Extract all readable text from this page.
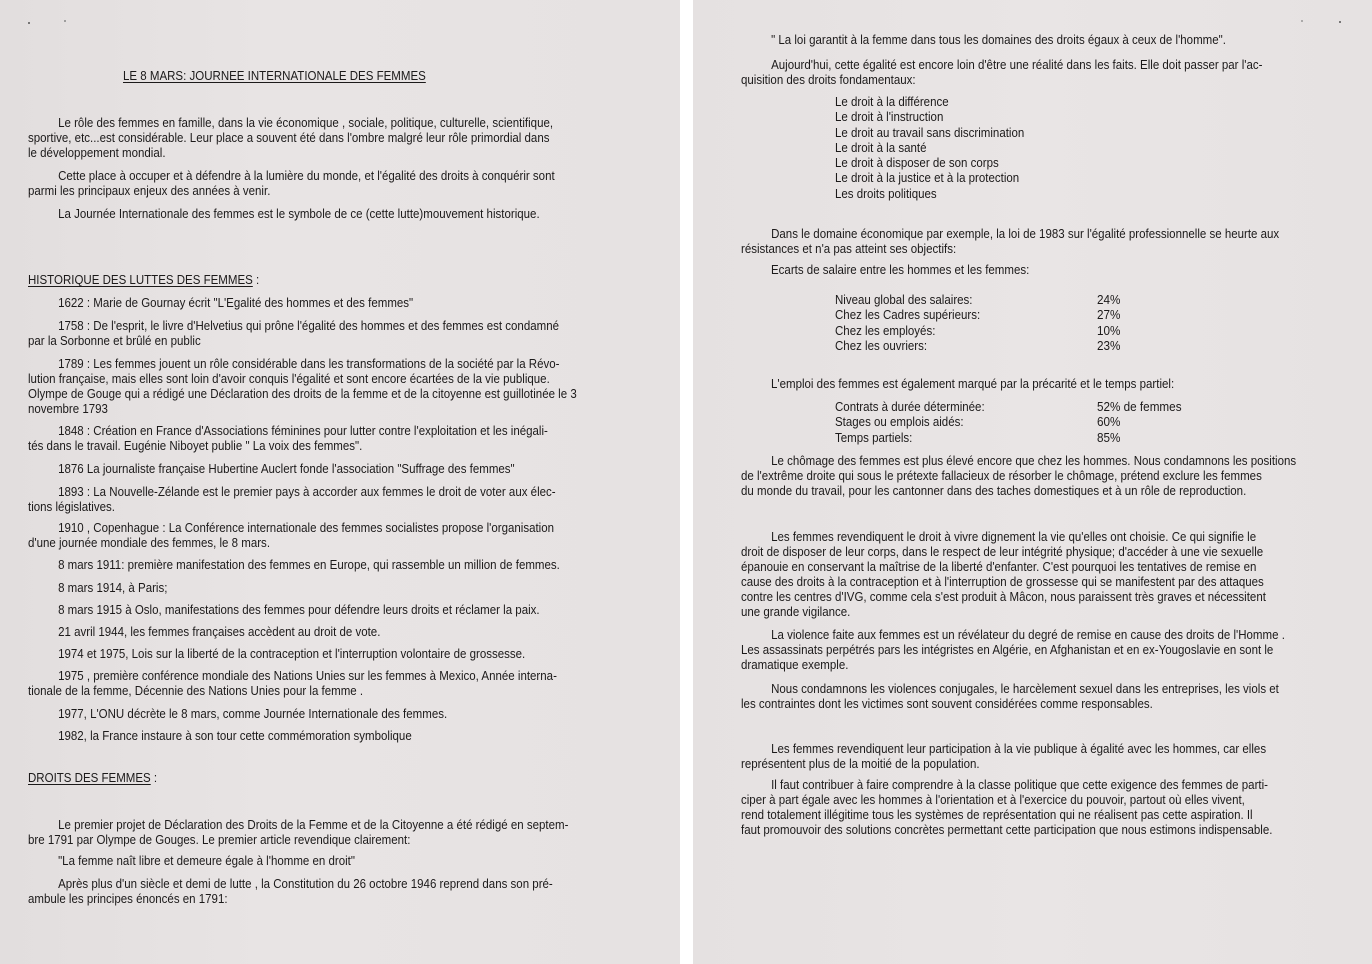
LE 8 MARS: JOURNEE INTERNATIONALE DES FEMMES
Le rôle des femmes en famille, dans la vie économique , sociale, politique, culturelle, scientifique,
sportive, etc...est considérable. Leur place a souvent été dans l'ombre malgré leur rôle primordial dans
le développement mondial.
Cette place à occuper et à défendre à la lumière du monde, et l'égalité des droits à conquérir sont
parmi les principaux enjeux des années à venir.
La Journée Internationale des femmes est le symbole de ce (cette lutte)mouvement historique.
1622 : Marie de Gournay écrit "L'Egalité des hommes et des femmes"
1758 : De l'esprit, le livre d'Helvetius qui prône l'égalité des hommes et des femmes est condamné
par la Sorbonne et brûlé en public
1789 : Les femmes jouent un rôle considérable dans les transformations de la société par la Révo-
lution française, mais elles sont loin d'avoir conquis l'égalité et sont encore écartées de la vie publique.
Olympe de Gouge qui a rédigé une Déclaration des droits de la femme et de la citoyenne est guillotinée le 3
novembre 1793
1848 : Création en France d'Associations féminines pour lutter contre l'exploitation et les inégali-
tés dans le travail. Eugénie Niboyet publie " La voix des femmes".
1876 La journaliste française Hubertine Auclert fonde l'association "Suffrage des femmes"
1893 : La Nouvelle-Zélande est le premier pays à accorder aux femmes le droit de voter aux élec-
tions législatives.
1910 , Copenhague : La Conférence internationale des femmes socialistes propose l'organisation
d'une journée mondiale des femmes, le 8 mars.
8 mars 1911: première manifestation des femmes en Europe, qui rassemble un million de femmes.
8 mars 1914, à Paris;
8 mars 1915 à Oslo, manifestations des femmes pour défendre leurs droits et réclamer la paix.
21 avril 1944, les femmes françaises accèdent au droit de vote.
1974 et 1975, Lois sur la liberté de la contraception et l'interruption volontaire de grossesse.
1975 , première conférence mondiale des Nations Unies sur les femmes à Mexico, Année interna-
tionale de la femme, Décennie des Nations Unies pour la femme .
1977, L'ONU décrète le 8 mars, comme Journée Internationale des femmes.
1982, la France instaure à son tour cette commémoration symbolique
Le premier projet de Déclaration des Droits de la Femme et de la Citoyenne a été rédigé en septem-
bre 1791 par Olympe de Gouges. Le premier article revendique clairement:
"La femme naît libre et demeure égale à l'homme en droit"
Après plus d'un siècle et demi de lutte , la Constitution du 26 octobre 1946 reprend dans son pré-
ambule les principes énoncés en 1791:
HISTORIQUE DES LUTTES DES FEMMES :
DROITS DES FEMMES :
" La loi garantit à la femme dans tous les domaines des droits égaux à ceux de l'homme".
Aujourd'hui, cette égalité est encore loin d'être une réalité dans les faits. Elle doit passer par l'ac-
quisition des droits fondamentaux:
Dans le domaine économique par exemple, la loi de 1983 sur l'égalité professionnelle se heurte aux
résistances et n'a pas atteint ses objectifs:
Le chômage des femmes est plus élevé encore que chez les hommes. Nous condamnons les positions
de l'extrême droite qui sous le prétexte fallacieux de résorber le chômage, prétend exclure les femmes
du monde du travail, pour les cantonner dans des taches domestiques et à un rôle de reproduction.
Les femmes revendiquent le droit à vivre dignement la vie qu'elles ont choisie. Ce qui signifie le
droit de disposer de leur corps, dans le respect de leur intégrité physique; d'accéder à une vie sexuelle
épanouie en conservant la maîtrise de la liberté d'enfanter. C'est pourquoi les tentatives de remise en
cause des droits à la contraception et à l'interruption de grossesse qui se manifestent par des attaques
contre les centres d'IVG, comme cela s'est produit à Mâcon, nous paraissent très graves et nécessitent
une grande vigilance.
La violence faite aux femmes est un révélateur du degré de remise en cause des droits de l'Homme .
Les assassinats perpétrés pars les intégristes en Algérie, en Afghanistan et en ex-Yougoslavie en sont le
dramatique exemple.
Nous condamnons les violences conjugales, le harcèlement sexuel dans les entreprises, les viols et
les contraintes dont les victimes sont souvent considérées comme responsables.
Les femmes revendiquent leur participation à la vie publique à égalité avec les hommes, car elles
représentent plus de la moitié de la population.
Il faut contribuer à faire comprendre à la classe politique que cette exigence des femmes de parti-
ciper à part égale avec les hommes à l'orientation et à l'exercice du pouvoir, partout où elles vivent,
rend totalement illégitime tous les systèmes de représentation qui ne réalisent pas cette aspiration. Il
faut promouvoir des solutions concrètes permettant cette participation que nous estimons indispensable.
Le droit à la différence
Le droit à l'instruction
Le droit au travail sans discrimination
Le droit à la santé
Le droit à disposer de son corps
Le droit à la justice et à la protection
Les droits politiques
Ecarts de salaire entre les hommes et les femmes:
Niveau global des salaires:	24%
Chez les Cadres supérieurs:	27%
Chez les employés:	10%
Chez les ouvriers:	23%
L'emploi des femmes est également marqué par la précarité et le temps partiel:
Contrats à durée déterminée:	52% de femmes
Stages ou emplois aidés:	60%
Temps partiels:	85%
